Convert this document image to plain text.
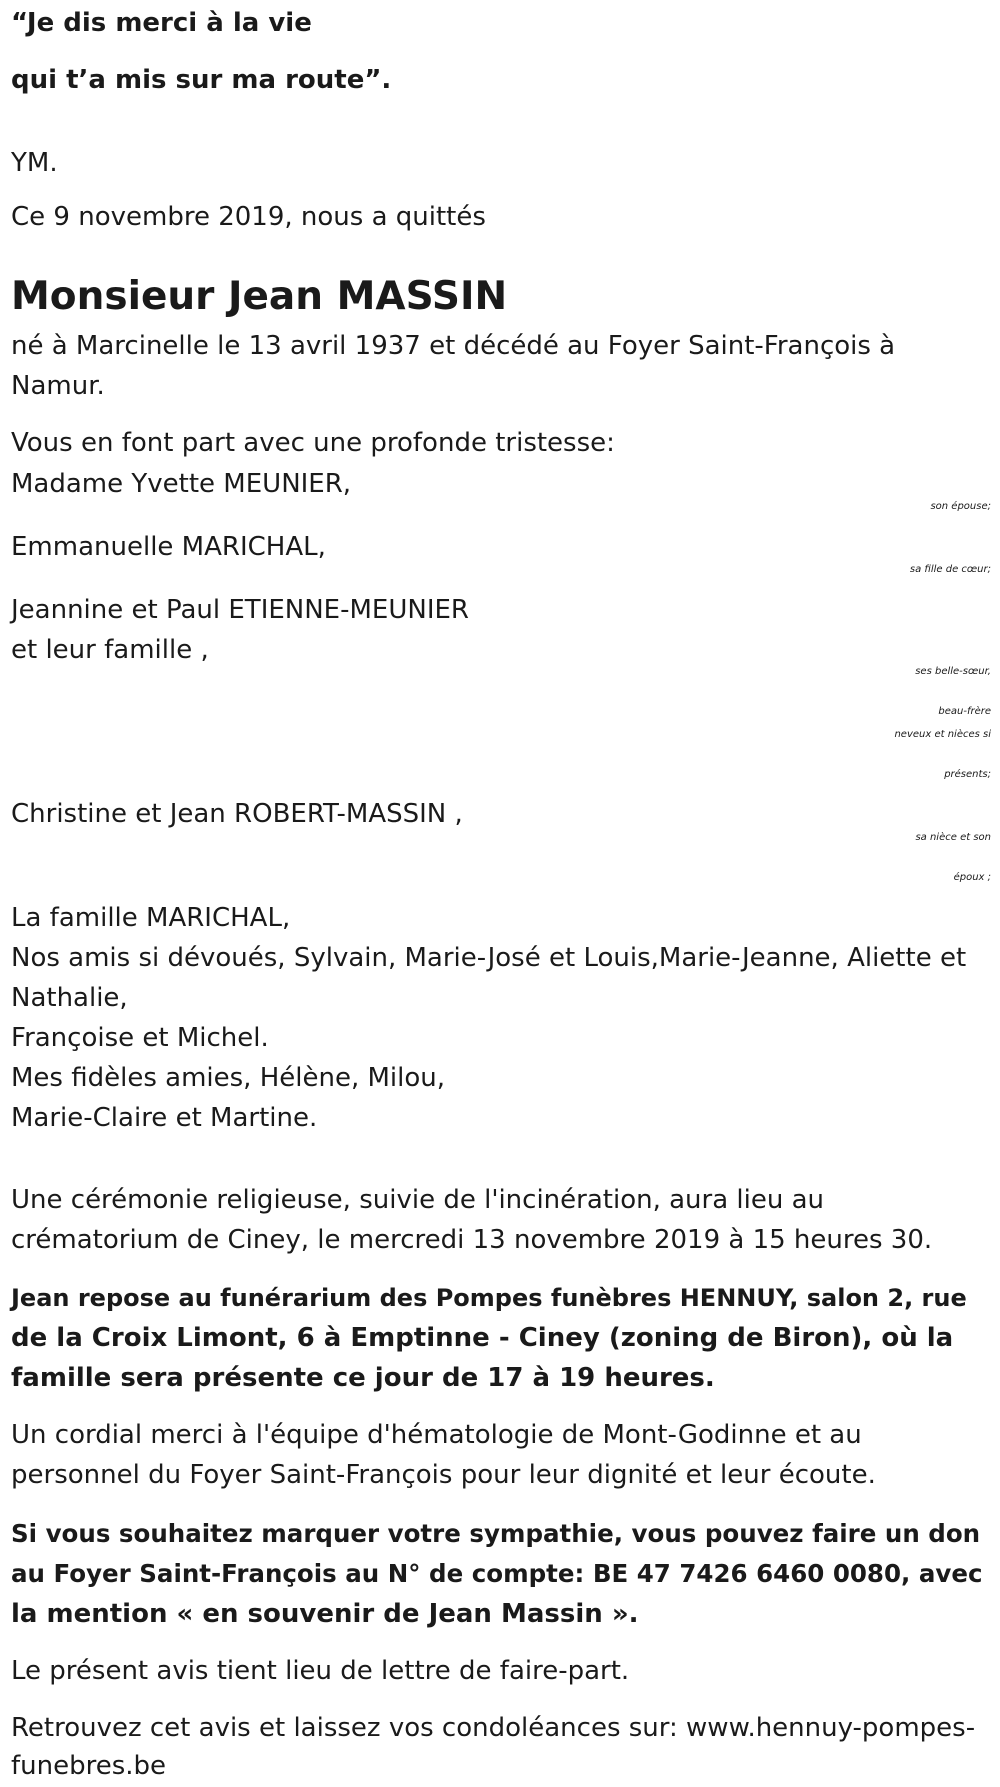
“Je dis merci à la vie
qui t’a mis sur ma route”.
YM.
Ce 9 novembre 2019, nous a quittés
Monsieur Jean MASSIN
né à Marcinelle le 13 avril 1937 et décédé au Foyer Saint-François à
Namur.
Vous en font part avec une profonde tristesse:
Madame Yvette MEUNIER,
son épouse;
Emmanuelle MARICHAL,
sa fille de cœur;
Jeannine et Paul ETIENNE-MEUNIER
et leur famille ,
ses belle-sœur,
beau-frère
neveux et nièces si
présents;
Christine et Jean ROBERT-MASSIN ,
sa nièce et son
époux ;
La famille MARICHAL,
Nos amis si dévoués, Sylvain, Marie-José et Louis,Marie-Jeanne, Aliette et
Nathalie,
Françoise et Michel.
Mes fidèles amies, Hélène, Milou,
Marie-Claire et Martine.
Une cérémonie religieuse, suivie de l'incinération, aura lieu au
crématorium de Ciney, le mercredi 13 novembre 2019 à 15 heures 30.
Jean repose au funérarium des Pompes funèbres HENNUY, salon 2, rue
de la Croix Limont, 6 à Emptinne - Ciney (zoning de Biron), où la
famille sera présente ce jour de 17 à 19 heures.
Un cordial merci à l'équipe d'hématologie de Mont-Godinne et au
personnel du Foyer Saint-François pour leur dignité et leur écoute.
Si vous souhaitez marquer votre sympathie, vous pouvez faire un don
au Foyer Saint-François au N° de compte: BE 47 7426 6460 0080, avec
la mention « en souvenir de Jean Massin ».
Le présent avis tient lieu de lettre de faire-part.
Retrouvez cet avis et laissez vos condoléances sur: www.hennuy-pompes-
funebres.be
